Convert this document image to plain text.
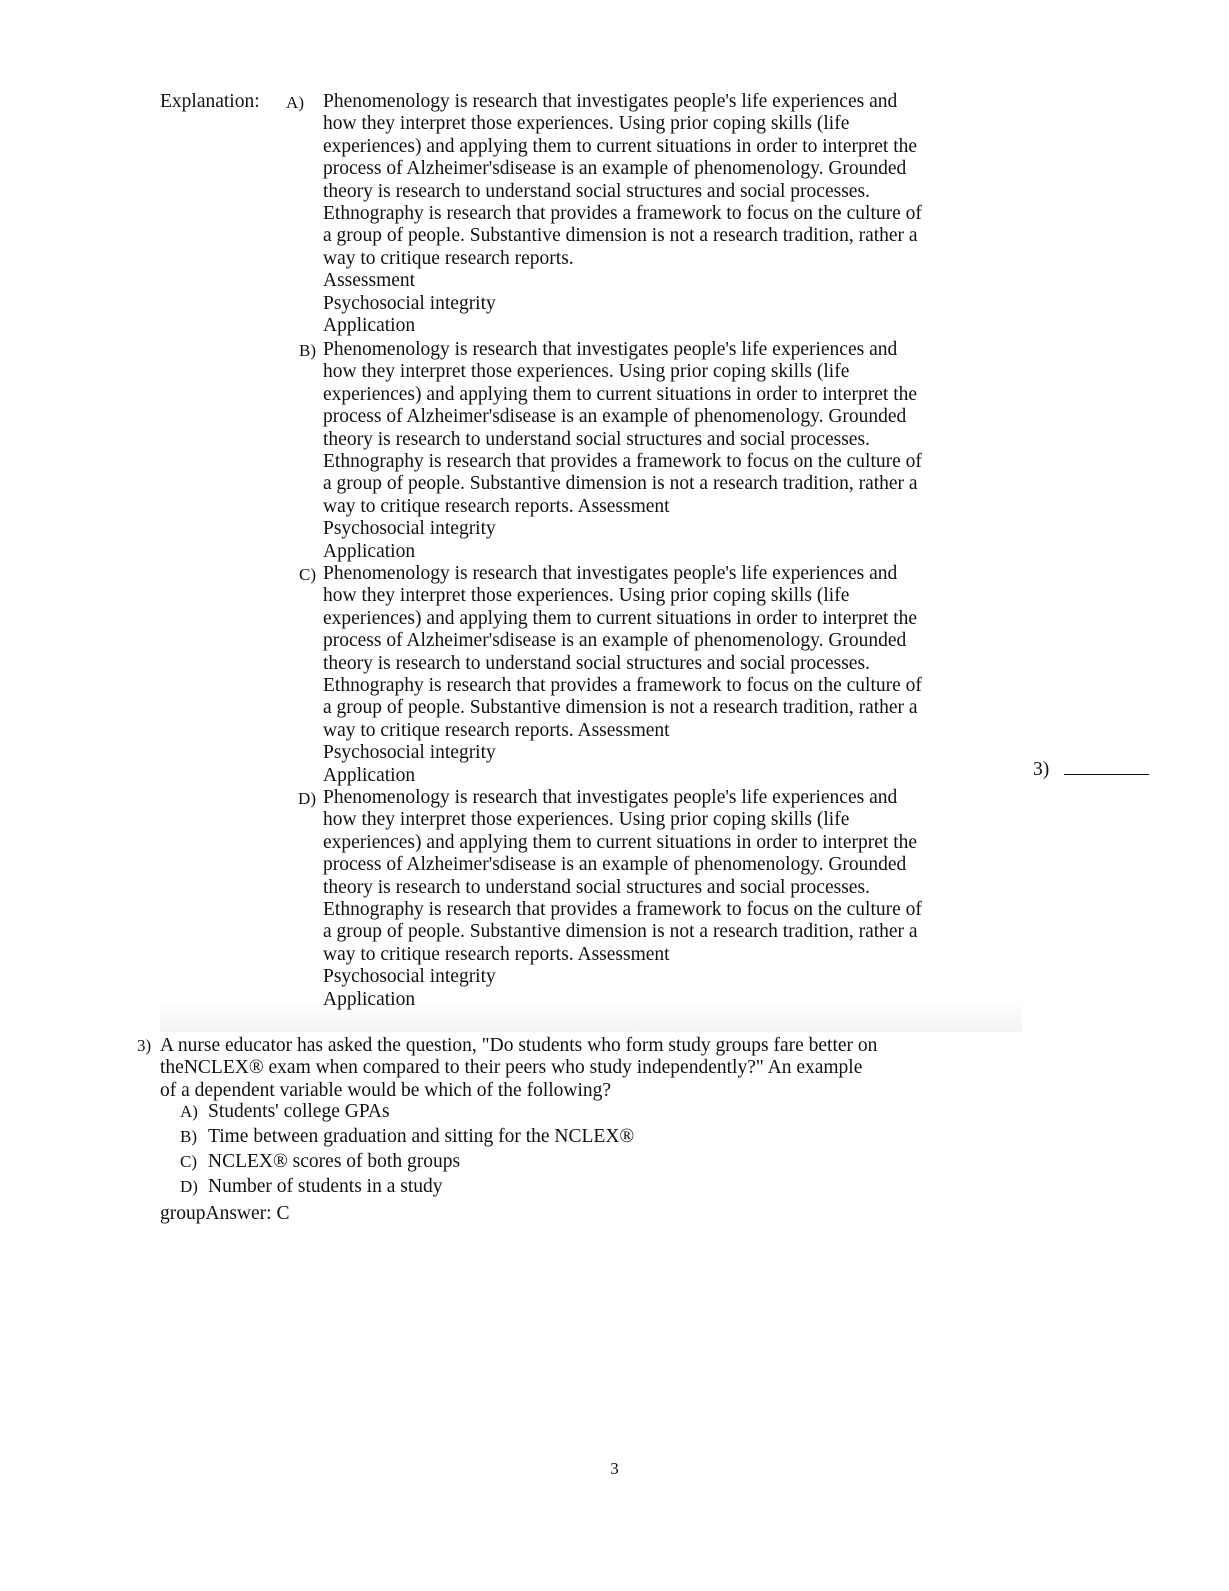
Explanation: A) Phenomenology is research that investigates people's life experiences and
how they interpret those experiences. Using prior coping skills (life
experiences) and applying them to current situations in order to interpret the
process of Alzheimer'sdisease is an example of phenomenology. Grounded
theory is research to understand social structures and social processes.
Ethnography is research that provides a framework to focus on the culture of
a group of people. Substantive dimension is not a research tradition, rather a
way to critique research reports.
Assessment
Psychosocial integrity
Application
B) Phenomenology is research that investigates people's life experiences and
how they interpret those experiences. Using prior coping skills (life
experiences) and applying them to current situations in order to interpret the
process of Alzheimer'sdisease is an example of phenomenology. Grounded
theory is research to understand social structures and social processes.
Ethnography is research that provides a framework to focus on the culture of
a group of people. Substantive dimension is not a research tradition, rather a
way to critique research reports. Assessment
Psychosocial integrity
Application
C) Phenomenology is research that investigates people's life experiences and
how they interpret those experiences. Using prior coping skills (life
experiences) and applying them to current situations in order to interpret the
process of Alzheimer'sdisease is an example of phenomenology. Grounded
theory is research to understand social structures and social processes.
Ethnography is research that provides a framework to focus on the culture of
a group of people. Substantive dimension is not a research tradition, rather a
way to critique research reports. Assessment
Psychosocial integrity
Application
D) Phenomenology is research that investigates people's life experiences and
how they interpret those experiences. Using prior coping skills (life
experiences) and applying them to current situations in order to interpret the
process of Alzheimer'sdisease is an example of phenomenology. Grounded
theory is research to understand social structures and social processes.
Ethnography is research that provides a framework to focus on the culture of
a group of people. Substantive dimension is not a research tradition, rather a
way to critique research reports. Assessment
Psychosocial integrity
Application
3)
3) A nurse educator has asked the question, "Do students who form study groups fare better on
theNCLEX® exam when compared to their peers who study independently?" An example
of a dependent variable would be which of the following?
A) Students' college GPAs
B) Time between graduation and sitting for the NCLEX®
C) NCLEX® scores of both groups
D) Number of students in a study
groupAnswer: C
3
